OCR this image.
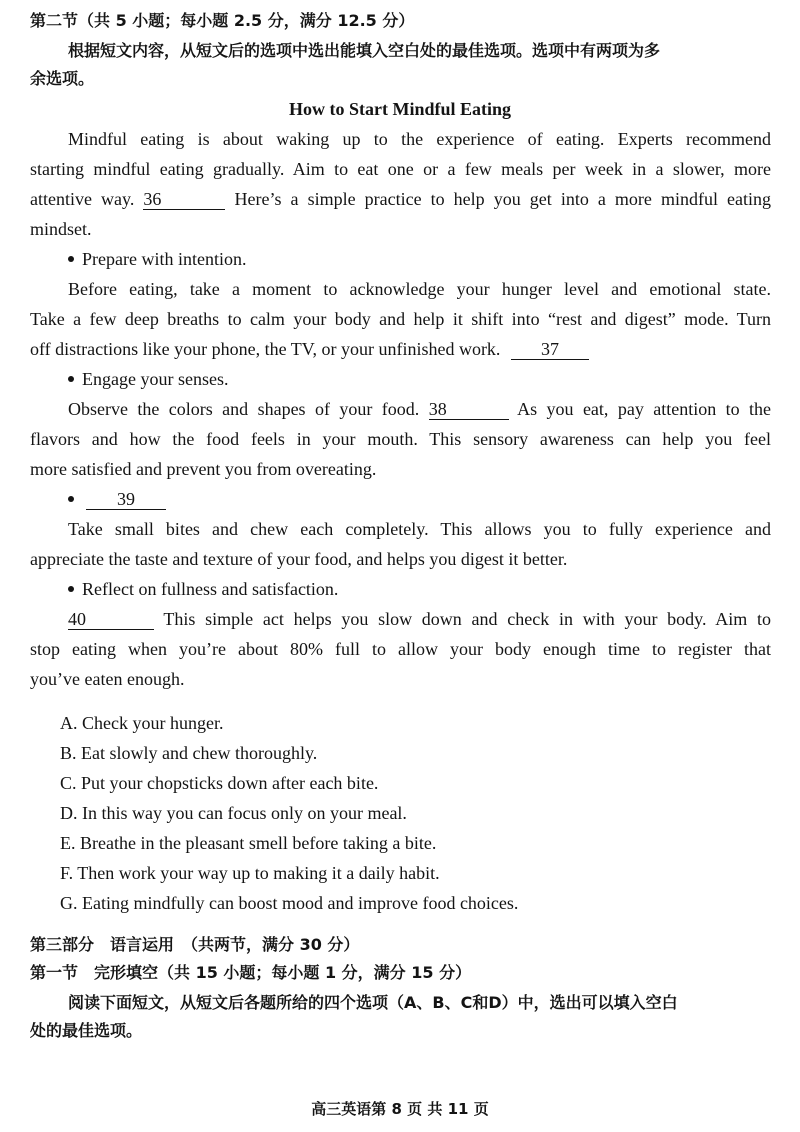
第二节（共 5 小题；每小题 2.5 分，满分 12.5 分）
根据短文内容，从短文后的选项中选出能填入空白处的最佳选项。选项中有两项为多
余选项。
How to Start Mindful Eating
Mindful eating is about waking up to the experience of eating. Experts recommend
starting mindful eating gradually. Aim to eat one or a few meals per week in a slower, more
attentive way. 36	Here’s a simple practice to help you get into a more mindful eating
mindset.
Prepare with intention.
Before eating, take a moment to acknowledge your hunger level and emotional state.
Take a few deep breaths to calm your body and help it shift into “rest and digest” mode. Turn
off distractions like your phone, the TV, or your unfinished work. 37
Engage your senses.
Observe the colors and shapes of your food. 38	As you eat, pay attention to the
flavors and how the food feels in your mouth. This sensory awareness can help you feel
more satisfied and prevent you from overeating.
39
Take small bites and chew each completely. This allows you to fully experience and
appreciate the taste and texture of your food, and helps you digest it better.
Reflect on fullness and satisfaction.
40	This simple act helps you slow down and check in with your body. Aim to
stop eating when you’re about 80% full to allow your body enough time to register that
you’ve eaten enough.
A. Check your hunger.
B. Eat slowly and chew thoroughly.
C. Put your chopsticks down after each bite.
D. In this way you can focus only on your meal.
E. Breathe in the pleasant smell before taking a bite.
F. Then work your way up to making it a daily habit.
G. Eating mindfully can boost mood and improve food choices.
第三部分　语言运用　（共两节，满分 30 分）
第一节　完形填空（共 15 小题；每小题 1 分，满分 15 分）
阅读下面短文，从短文后各题所给的四个选项（A、B、C和D）中，选出可以填入空白
处的最佳选项。
高三英语第 8 页 共 11 页
